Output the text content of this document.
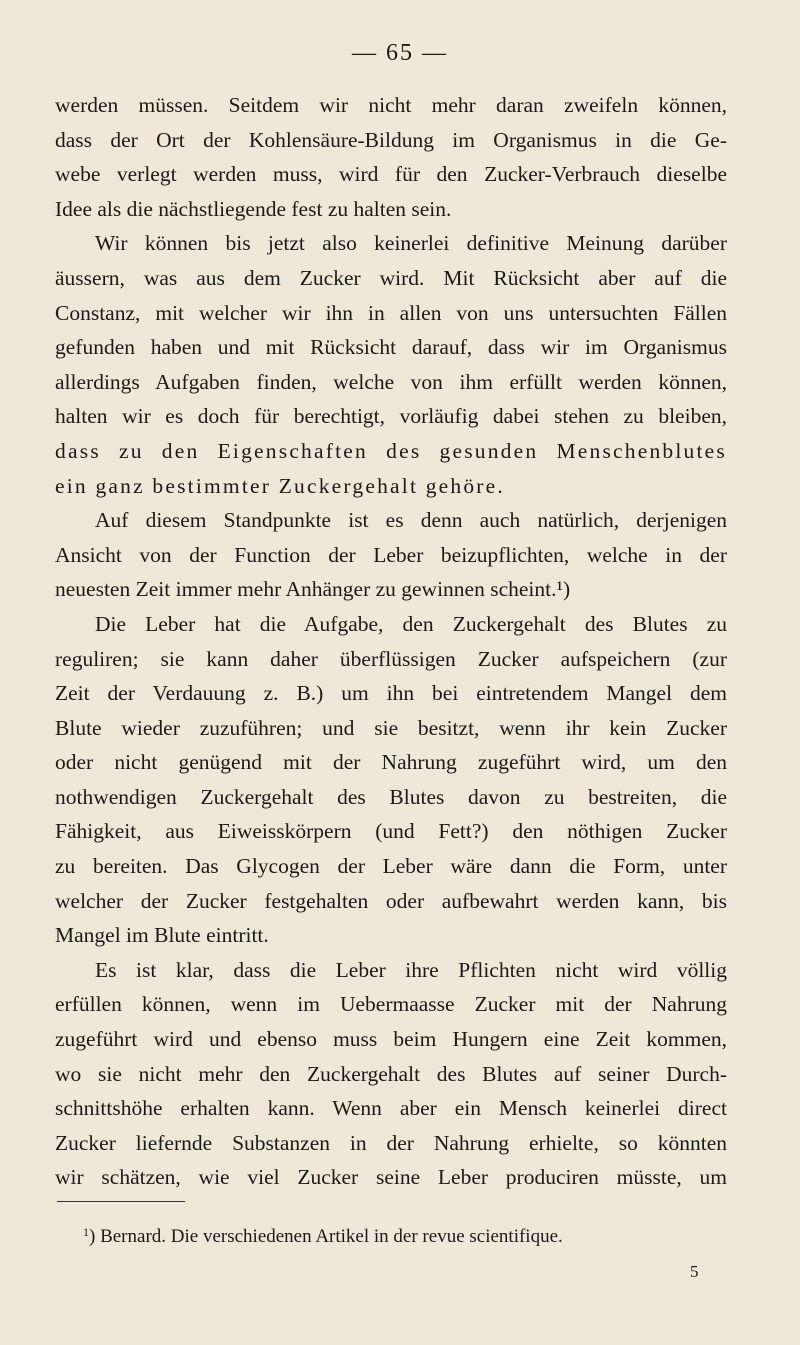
— 65 —
werden müssen. Seitdem wir nicht mehr daran zweifeln können,
dass der Ort der Kohlensäure-Bildung im Organismus in die Ge-
webe verlegt werden muss, wird für den Zucker-Verbrauch dieselbe
Idee als die nächstliegende fest zu halten sein.
Wir können bis jetzt also keinerlei definitive Meinung darüber
äussern, was aus dem Zucker wird. Mit Rücksicht aber auf die
Constanz, mit welcher wir ihn in allen von uns untersuchten Fällen
gefunden haben und mit Rücksicht darauf, dass wir im Organismus
allerdings Aufgaben finden, welche von ihm erfüllt werden können,
halten wir es doch für berechtigt, vorläufig dabei stehen zu bleiben,
dass zu den Eigenschaften des gesunden Menschenblutes
ein ganz bestimmter Zuckergehalt gehöre.
Auf diesem Standpunkte ist es denn auch natürlich, derjenigen
Ansicht von der Function der Leber beizupflichten, welche in der
neuesten Zeit immer mehr Anhänger zu gewinnen scheint.¹)
Die Leber hat die Aufgabe, den Zuckergehalt des Blutes zu
reguliren; sie kann daher überflüssigen Zucker aufspeichern (zur
Zeit der Verdauung z. B.) um ihn bei eintretendem Mangel dem
Blute wieder zuzuführen; und sie besitzt, wenn ihr kein Zucker
oder nicht genügend mit der Nahrung zugeführt wird, um den
nothwendigen Zuckergehalt des Blutes davon zu bestreiten, die
Fähigkeit, aus Eiweisskörpern (und Fett?) den nöthigen Zucker
zu bereiten. Das Glycogen der Leber wäre dann die Form, unter
welcher der Zucker festgehalten oder aufbewahrt werden kann, bis
Mangel im Blute eintritt.
Es ist klar, dass die Leber ihre Pflichten nicht wird völlig
erfüllen können, wenn im Uebermaasse Zucker mit der Nahrung
zugeführt wird und ebenso muss beim Hungern eine Zeit kommen,
wo sie nicht mehr den Zuckergehalt des Blutes auf seiner Durch-
schnittshöhe erhalten kann. Wenn aber ein Mensch keinerlei direct
Zucker liefernde Substanzen in der Nahrung erhielte, so könnten
wir schätzen, wie viel Zucker seine Leber produciren müsste, um
$^1$) Bernard. Die verschiedenen Artikel in der revue scientifique.
5
